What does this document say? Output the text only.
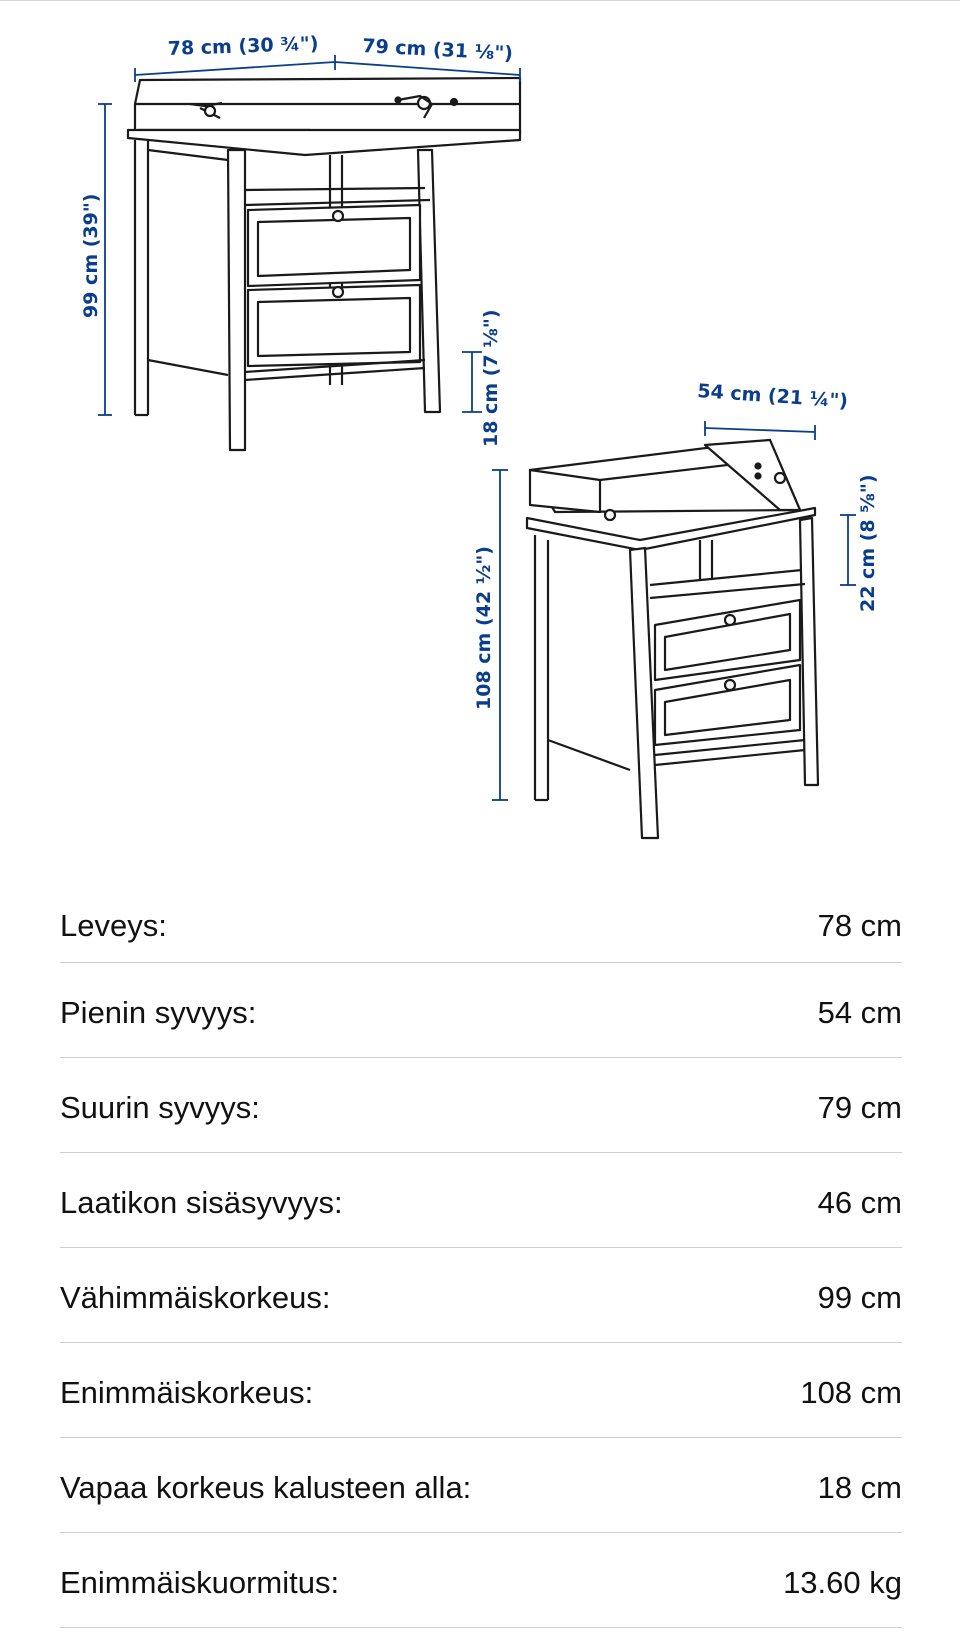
78 cm (30 ¾") 79 cm (31 ⅛")
99 cm (39")
18 cm (7 ⅛")	54 cm (21 ¼")
108 cm (42 ½")
22 cm (8 ⅝")
Leveys:	78 cm
Pienin syvyys:	54 cm
Suurin syvyys:	79 cm
Laatikon sisäsyvyys:	46 cm
Vähimmäiskorkeus:	99 cm
Enimmäiskorkeus:	108 cm
Vapaa korkeus kalusteen alla:	18 cm
Enimmäiskuormitus:	13.60 kg
